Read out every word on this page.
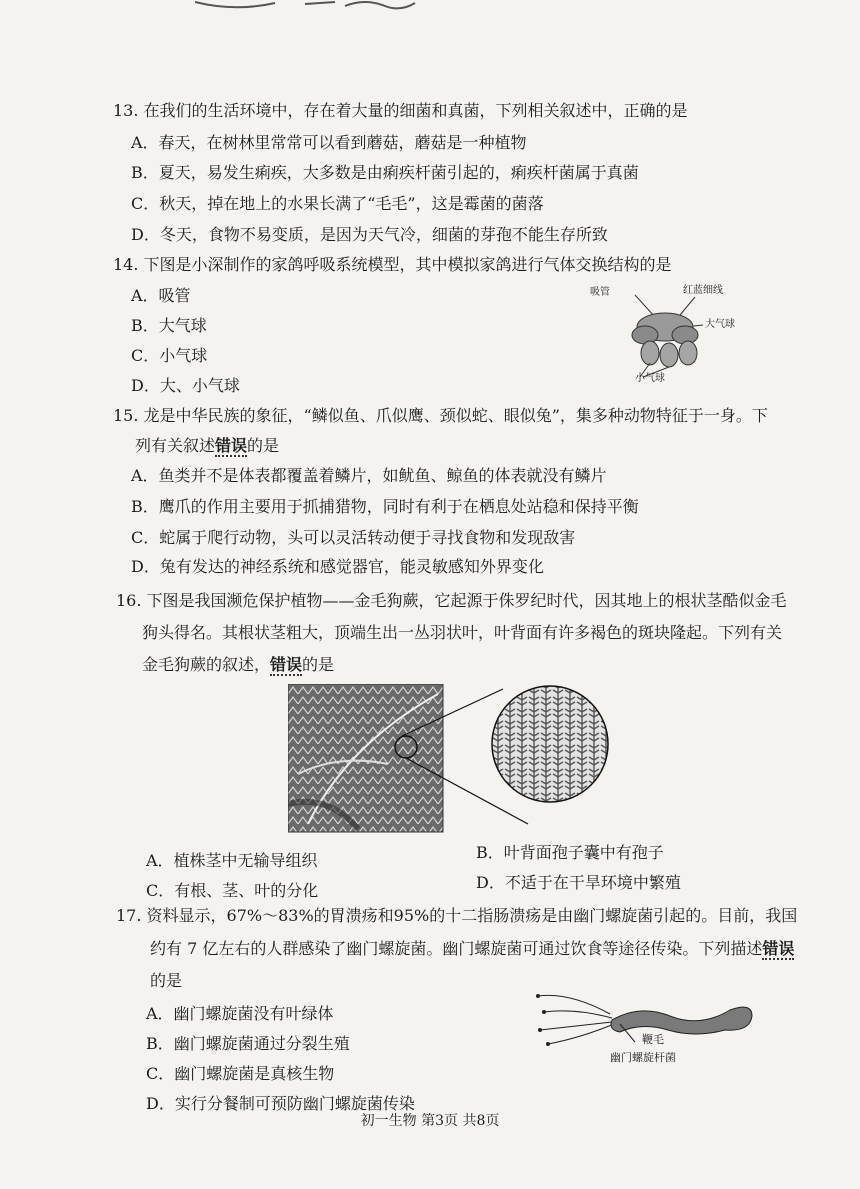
13. 在我们的生活环境中，存在着大量的细菌和真菌，下列相关叙述中，正确的是
A．春天，在树林里常常可以看到蘑菇，蘑菇是一种植物
B．夏天，易发生痢疾，大多数是由痢疾杆菌引起的，痢疾杆菌属于真菌
C．秋天，掉在地上的水果长满了“毛毛”，这是霉菌的菌落
D．冬天，食物不易变质，是因为天气冷，细菌的芽孢不能生存所致
14. 下图是小深制作的家鸽呼吸系统模型，其中模拟家鸽进行气体交换结构的是
A．吸管
B．大气球
C．小气球
D．大、小气球
吸管	红蓝细线
大气球
小气球
15. 龙是中华民族的象征，“鳞似鱼、爪似鹰、颈似蛇、眼似兔”，集多种动物特征于一身。下
列有关叙述错误的是
A．鱼类并不是体表都覆盖着鳞片，如鱿鱼、鲸鱼的体表就没有鳞片
B．鹰爪的作用主要用于抓捕猎物，同时有利于在栖息处站稳和保持平衡
C．蛇属于爬行动物，头可以灵活转动便于寻找食物和发现敌害
D．兔有发达的神经系统和感觉器官，能灵敏感知外界变化
16. 下图是我国濒危保护植物——金毛狗蕨，它起源于侏罗纪时代，因其地上的根状茎酷似金毛
狗头得名。其根状茎粗大，顶端生出一丛羽状叶，叶背面有许多褐色的斑块隆起。下列有关
金毛狗蕨的叙述，错误的是
A．植株茎中无输导组织	B．叶背面孢子囊中有孢子
C．有根、茎、叶的分化	D．不适于在干旱环境中繁殖
17. 资料显示，67%～83%的胃溃疡和95%的十二指肠溃疡是由幽门螺旋菌引起的。目前，我国
约有 7 亿左右的人群感染了幽门螺旋菌。幽门螺旋菌可通过饮食等途径传染。下列描述错误
的是
A．幽门螺旋菌没有叶绿体
B．幽门螺旋菌通过分裂生殖
C．幽门螺旋菌是真核生物
D．实行分餐制可预防幽门螺旋菌传染
鞭毛
幽门螺旋杆菌
初一生物 第3页 共8页
